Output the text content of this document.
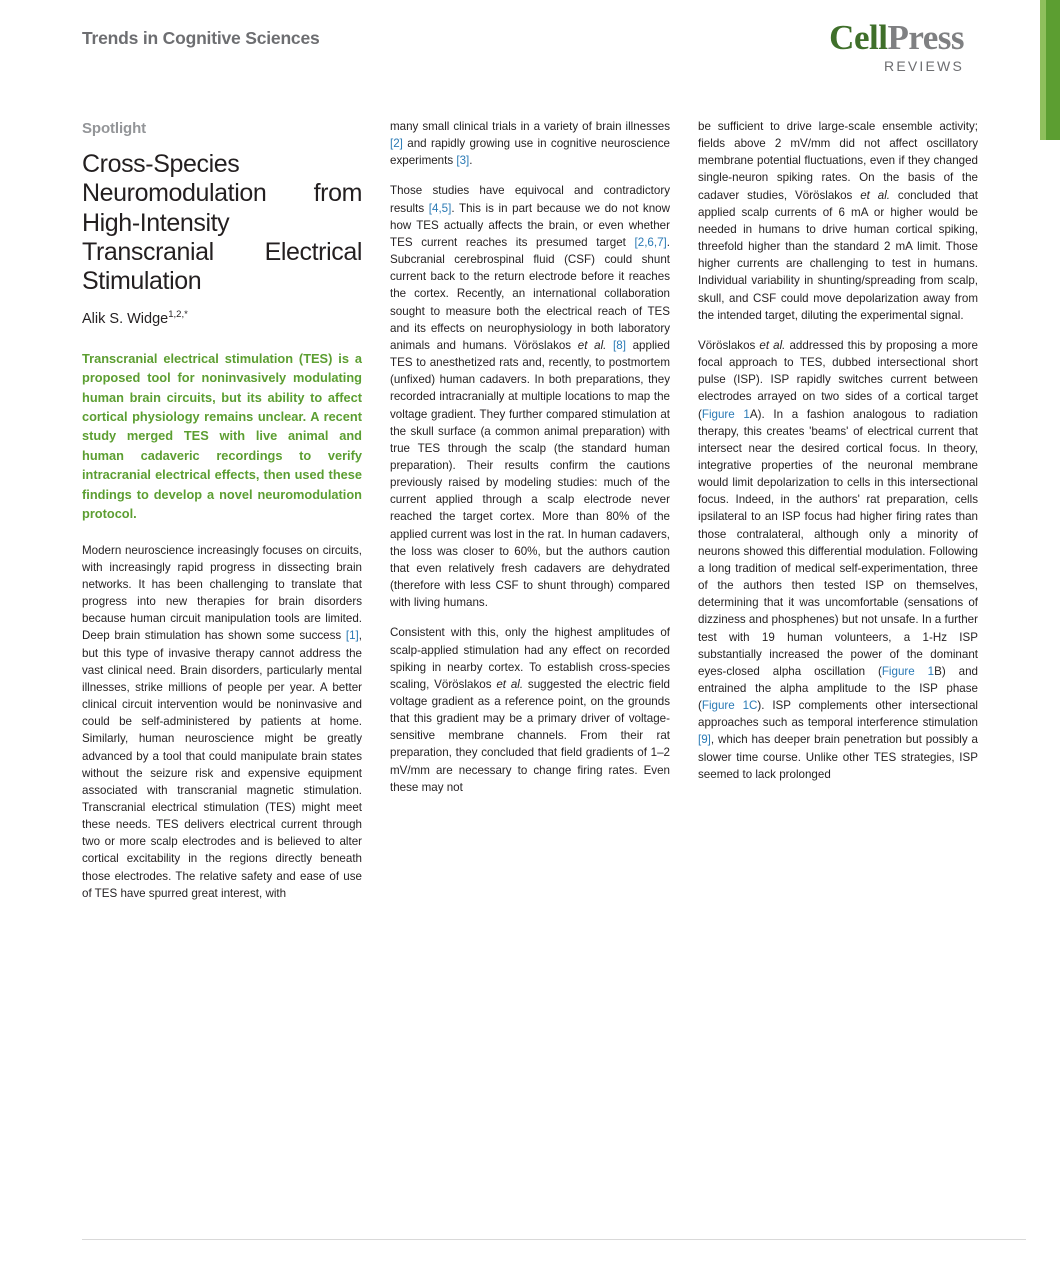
Trends in Cognitive Sciences	CellPress
REVIEWS
Spotlight
Cross-Species Neuromodulation from High-Intensity Transcranial Electrical Stimulation
Alik S. Widge$^{1,2,*}$
Transcranial electrical stimulation (TES) is a proposed tool for noninvasively modulating human brain circuits, but its ability to affect cortical physiology remains unclear. A recent study merged TES with live animal and human cadaveric recordings to verify intracranial electrical effects, then used these findings to develop a novel neuromodulation protocol.

Modern neuroscience increasingly focuses on circuits, with increasingly rapid progress in dissecting brain networks. It has been challenging to translate that progress into new therapies for brain disorders because human circuit manipulation tools are limited. Deep brain stimulation has shown some success [1], but this type of invasive therapy cannot address the vast clinical need. Brain disorders, particularly mental illnesses, strike millions of people per year. A better clinical circuit intervention would be noninvasive and could be self-administered by patients at home. Similarly, human neuroscience might be greatly advanced by a tool that could manipulate brain states without the seizure risk and expensive equipment associated with transcranial magnetic stimulation. Transcranial electrical stimulation (TES) might meet these needs. TES delivers electrical current through two or more scalp electrodes and is believed to alter cortical excitability in the regions directly beneath those electrodes. The relative safety and ease of use of TES have spurred great interest, with

many small clinical trials in a variety of brain illnesses [2] and rapidly growing use in cognitive neuroscience experiments [3].

Those studies have equivocal and contradictory results [4,5]. This is in part because we do not know how TES actually affects the brain, or even whether TES current reaches its presumed target [2,6,7]. Subcranial cerebrospinal fluid (CSF) could shunt current back to the return electrode before it reaches the cortex. Recently, an international collaboration sought to measure both the electrical reach of TES and its effects on neurophysiology in both laboratory animals and humans. Vöröslakos et al. [8] applied TES to anesthetized rats and, recently, to postmortem (unfixed) human cadavers. In both preparations, they recorded intracranially at multiple locations to map the voltage gradient. They further compared stimulation at the skull surface (a common animal preparation) with true TES through the scalp (the standard human preparation). Their results confirm the cautions previously raised by modeling studies: much of the current applied through a scalp electrode never reached the target cortex. More than 80% of the applied current was lost in the rat. In human cadavers, the loss was closer to 60%, but the authors caution that even relatively fresh cadavers are dehydrated (therefore with less CSF to shunt through) compared with living humans.

Consistent with this, only the highest amplitudes of scalp-applied stimulation had any effect on recorded spiking in nearby cortex. To establish cross-species scaling, Vöröslakos et al. suggested the electric field voltage gradient as a reference point, on the grounds that this gradient may be a primary driver of voltage-sensitive membrane channels. From their rat preparation, they concluded that field gradients of 1–2 mV/mm are necessary to change firing rates. Even these may not

be sufficient to drive large-scale ensemble activity; fields above 2 mV/mm did not affect oscillatory membrane potential fluctuations, even if they changed single-neuron spiking rates. On the basis of the cadaver studies, Vöröslakos et al. concluded that applied scalp currents of 6 mA or higher would be needed in humans to drive human cortical spiking, threefold higher than the standard 2 mA limit. Those higher currents are challenging to test in humans. Individual variability in shunting/spreading from scalp, skull, and CSF could move depolarization away from the intended target, diluting the experimental signal.

Vöröslakos et al. addressed this by proposing a more focal approach to TES, dubbed intersectional short pulse (ISP). ISP rapidly switches current between electrodes arrayed on two sides of a cortical target (Figure 1A). In a fashion analogous to radiation therapy, this creates 'beams' of electrical current that intersect near the desired cortical focus. In theory, integrative properties of the neuronal membrane would limit depolarization to cells in this intersectional focus. Indeed, in the authors' rat preparation, cells ipsilateral to an ISP focus had higher firing rates than those contralateral, although only a minority of neurons showed this differential modulation. Following a long tradition of medical self-experimentation, three of the authors then tested ISP on themselves, determining that it was uncomfortable (sensations of dizziness and phosphenes) but not unsafe. In a further test with 19 human volunteers, a 1-Hz ISP substantially increased the power of the dominant eyes-closed alpha oscillation (Figure 1B) and entrained the alpha amplitude to the ISP phase (Figure 1C). ISP complements other intersectional approaches such as temporal interference stimulation [9], which has deeper brain penetration but possibly a slower time course. Unlike other TES strategies, ISP seemed to lack prolonged
